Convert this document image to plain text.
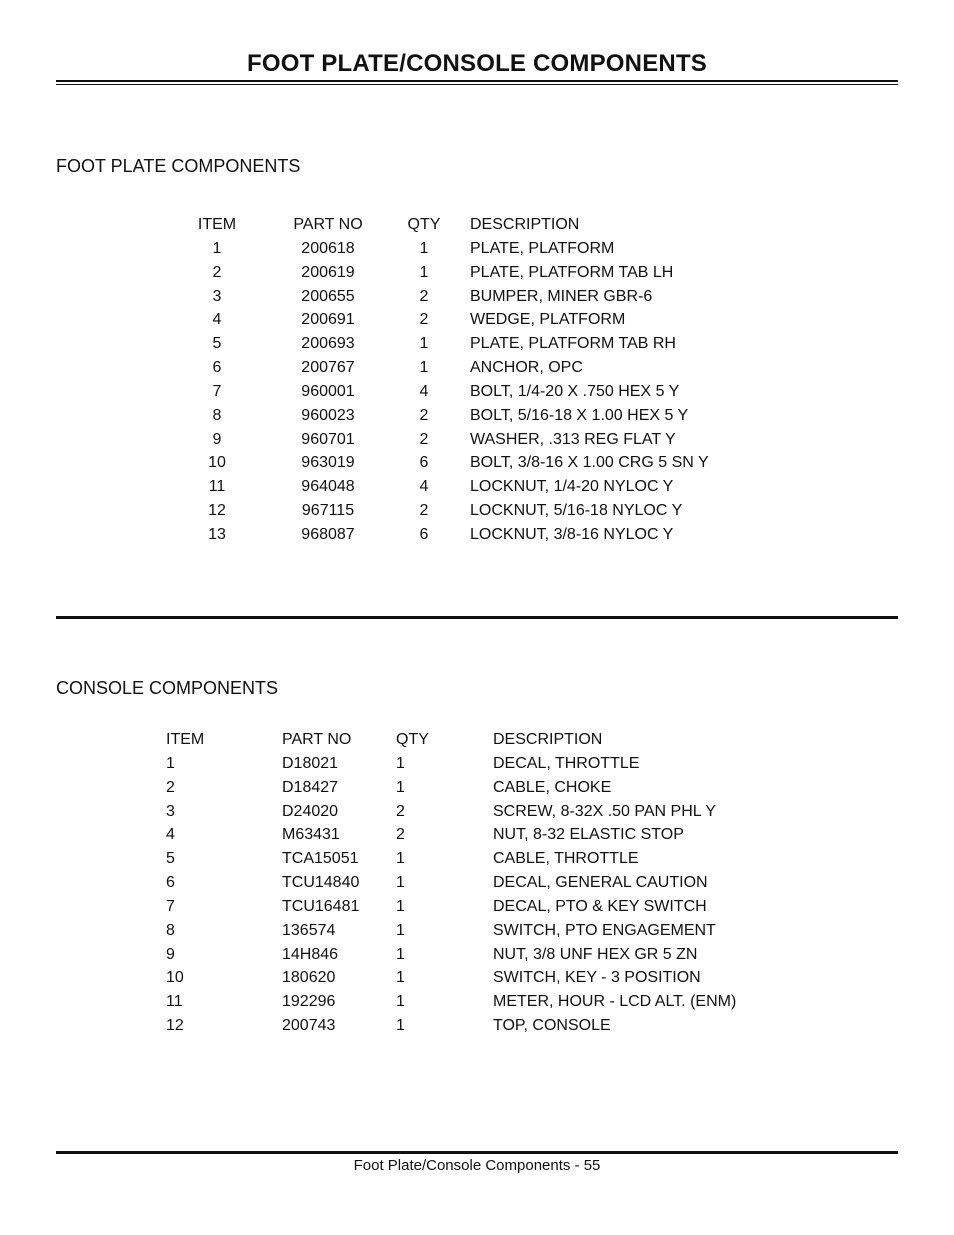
FOOT PLATE/CONSOLE COMPONENTS
FOOT PLATE COMPONENTS
ITEM	PART NO	QTY DESCRIPTION
1	200618	1	PLATE, PLATFORM
2	200619	1	PLATE, PLATFORM TAB LH
3	200655	2	BUMPER, MINER GBR-6
4	200691	2	WEDGE, PLATFORM
5	200693	1	PLATE, PLATFORM TAB RH
6	200767	1	ANCHOR, OPC
7	960001	4	BOLT, 1/4-20 X .750 HEX 5 Y
8	960023	2	BOLT, 5/16-18 X 1.00 HEX 5 Y
9	960701	2	WASHER, .313 REG FLAT Y
10	963019	6	BOLT, 3/8-16 X 1.00 CRG 5 SN Y
11	964048	4	LOCKNUT, 1/4-20 NYLOC Y
12	967115	2	LOCKNUT, 5/16-18 NYLOC Y
13	968087	6	LOCKNUT, 3/8-16 NYLOC Y
CONSOLE COMPONENTS
ITEM	PART NO	QTY	DESCRIPTION
1	D18021	1	DECAL, THROTTLE
2	D18427	1	CABLE, CHOKE
3	D24020	2	SCREW, 8-32X .50 PAN PHL Y
4	M63431	2	NUT, 8-32 ELASTIC STOP
5	TCA15051 1	CABLE, THROTTLE
6	TCU14840 1	DECAL, GENERAL CAUTION
7	TCU16481 1	DECAL, PTO & KEY SWITCH
8	136574	1	SWITCH, PTO ENGAGEMENT
9	14H846	1	NUT, 3/8 UNF HEX GR 5 ZN
10	180620	1	SWITCH, KEY - 3 POSITION
11	192296	1	METER, HOUR - LCD ALT. (ENM)
12	200743	1	TOP, CONSOLE
Foot Plate/Console Components - 55
